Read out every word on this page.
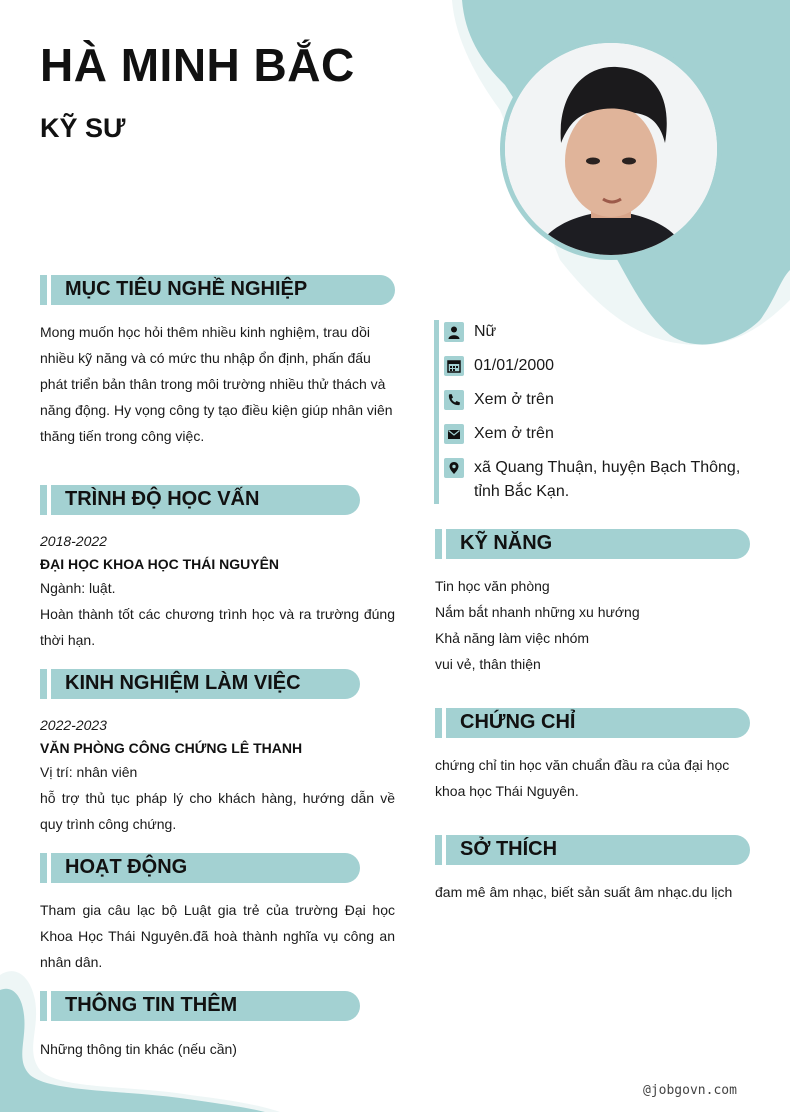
HÀ MINH BẮC
KỸ SƯ
MỤC TIÊU NGHỀ NGHIỆP
Mong muốn học hỏi thêm nhiều kinh nghiệm, trau dồi
nhiều kỹ năng và có mức thu nhập ổn định, phấn đấu
phát triển bản thân trong môi trường nhiều thử thách và
năng động. Hy vọng công ty tạo điều kiện giúp nhân viên
thăng tiến trong công việc.
TRÌNH ĐỘ HỌC VẤN
2018-2022
ĐẠI HỌC KHOA HỌC THÁI NGUYÊN
Ngành: luật.
Hoàn thành tốt các chương trình học và ra trường đúng thời hạn.
KINH NGHIỆM LÀM VIỆC
2022-2023
VĂN PHÒNG CÔNG CHỨNG LÊ THANH
Vị trí: nhân viên
hỗ trợ thủ tục pháp lý cho khách hàng, hướng dẫn về quy trình công chứng.
HOẠT ĐỘNG
Tham gia câu lạc bộ Luật gia trẻ của trường Đại học Khoa Học Thái Nguyên.đã hoà thành nghĩa vụ công an nhân dân.
THÔNG TIN THÊM
Những thông tin khác (nếu cần)
Nữ
01/01/2000
Xem ở trên
Xem ở trên
xã Quang Thuận, huyện Bạch Thông,
tỉnh Bắc Kạn.
KỸ NĂNG
Tin học văn phòng
Nắm bắt nhanh những xu hướng
Khả năng làm việc nhóm
vui vẻ, thân thiện
CHỨNG CHỈ
chứng chỉ tin học văn chuẩn đầu ra của đại học
khoa học Thái Nguyên.
SỞ THÍCH
đam mê âm nhạc, biết sản suất âm nhạc.du lịch
@jobgovn.com
